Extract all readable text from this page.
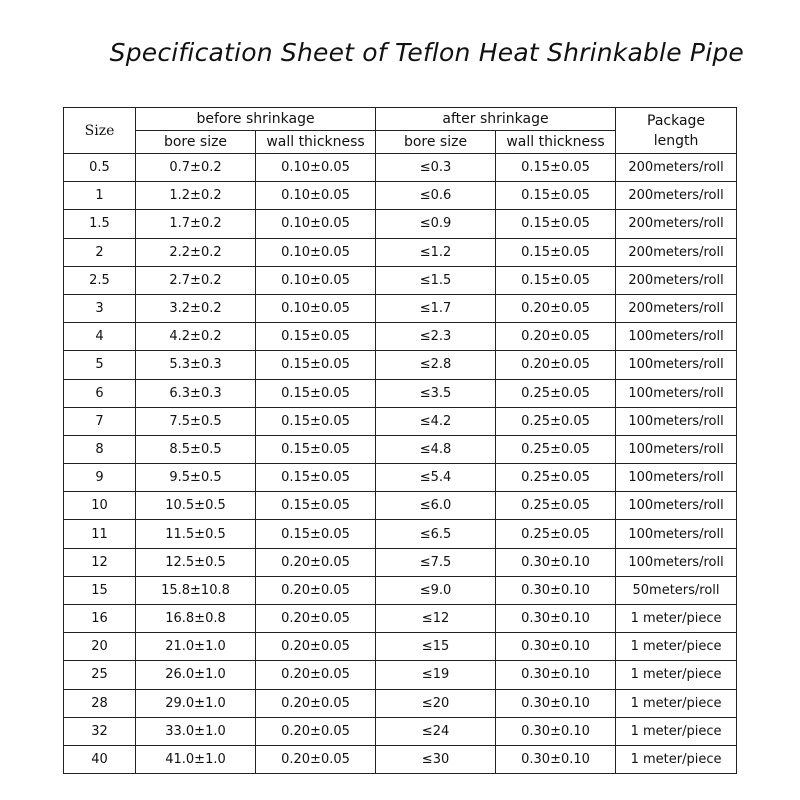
Specification Sheet of Teflon Heat Shrinkable Pipe
Size	before shrinkage		after shrinkage		Package
length
	bore size	wall thickness	bore size	wall thickness	
0.5	0.7±0.2	0.10±0.05	≤0.3	0.15±0.05	200meters/roll
1	1.2±0.2	0.10±0.05	≤0.6	0.15±0.05	200meters/roll
1.5	1.7±0.2	0.10±0.05	≤0.9	0.15±0.05	200meters/roll
2	2.2±0.2	0.10±0.05	≤1.2	0.15±0.05	200meters/roll
2.5	2.7±0.2	0.10±0.05	≤1.5	0.15±0.05	200meters/roll
3	3.2±0.2	0.10±0.05	≤1.7	0.20±0.05	200meters/roll
4	4.2±0.2	0.15±0.05	≤2.3	0.20±0.05	100meters/roll
5	5.3±0.3	0.15±0.05	≤2.8	0.20±0.05	100meters/roll
6	6.3±0.3	0.15±0.05	≤3.5	0.25±0.05	100meters/roll
7	7.5±0.5	0.15±0.05	≤4.2	0.25±0.05	100meters/roll
8	8.5±0.5	0.15±0.05	≤4.8	0.25±0.05	100meters/roll
9	9.5±0.5	0.15±0.05	≤5.4	0.25±0.05	100meters/roll
10	10.5±0.5	0.15±0.05	≤6.0	0.25±0.05	100meters/roll
11	11.5±0.5	0.15±0.05	≤6.5	0.25±0.05	100meters/roll
12	12.5±0.5	0.20±0.05	≤7.5	0.30±0.10	100meters/roll
15	15.8±10.8	0.20±0.05	≤9.0	0.30±0.10	50meters/roll
16	16.8±0.8	0.20±0.05	≤12	0.30±0.10	1 meter/piece
20	21.0±1.0	0.20±0.05	≤15	0.30±0.10	1 meter/piece
25	26.0±1.0	0.20±0.05	≤19	0.30±0.10	1 meter/piece
28	29.0±1.0	0.20±0.05	≤20	0.30±0.10	1 meter/piece
32	33.0±1.0	0.20±0.05	≤24	0.30±0.10	1 meter/piece
40	41.0±1.0	0.20±0.05	≤30	0.30±0.10	1 meter/piece
